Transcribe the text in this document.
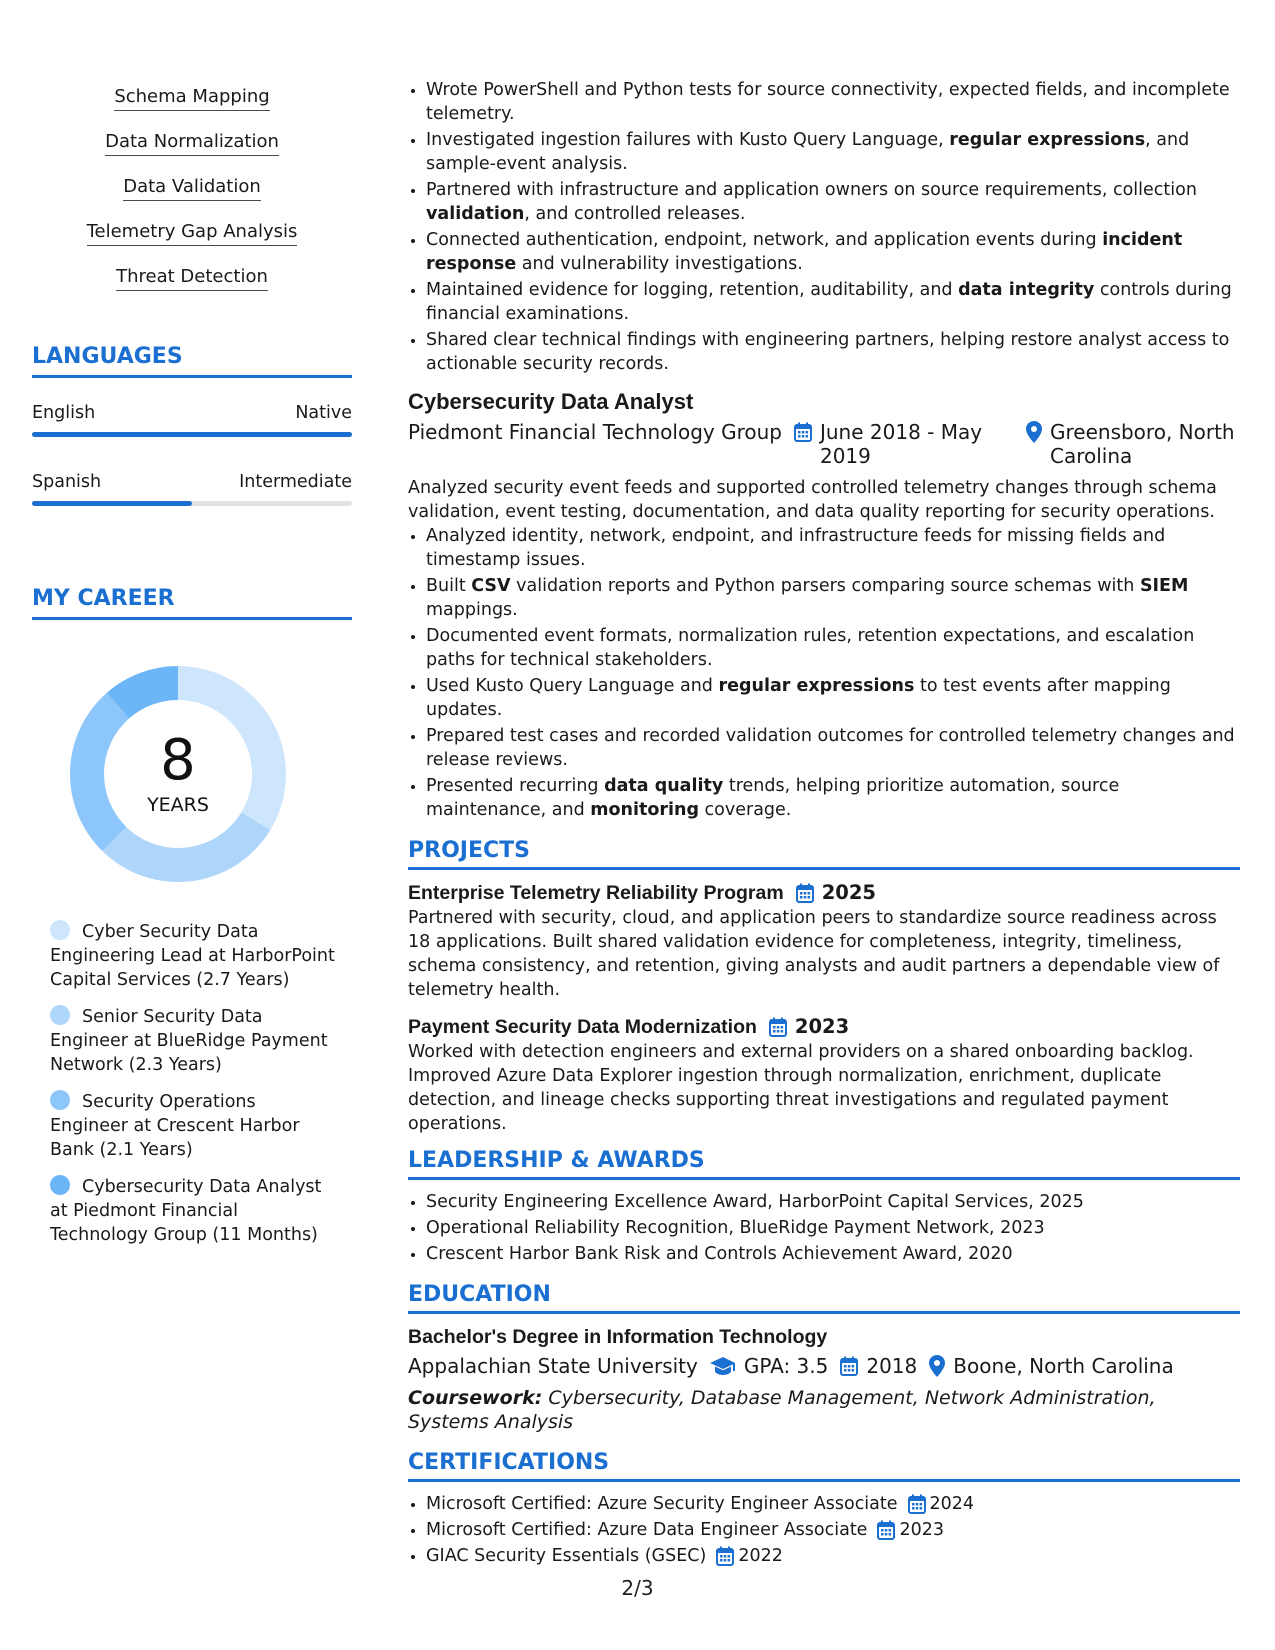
Schema Mapping
Data Normalization
Data Validation
Telemetry Gap Analysis
Threat Detection
LANGUAGES
English	Native
Spanish	Intermediate
MY CAREER
8
YEARS
Cyber Security Data Engineering Lead at HarborPoint Capital Services (2.7 Years)
Senior Security Data Engineer at BlueRidge Payment Network (2.3 Years)
Security Operations Engineer at Crescent Harbor Bank (2.1 Years)
Cybersecurity Data Analyst at Piedmont Financial Technology Group (11 Months)
• Wrote PowerShell and Python tests for source connectivity, expected fields, and incomplete telemetry.
• Investigated ingestion failures with Kusto Query Language, regular expressions, and sample-event analysis.
• Partnered with infrastructure and application owners on source requirements, collection validation, and controlled releases.
• Connected authentication, endpoint, network, and application events during incident response and vulnerability investigations.
• Maintained evidence for logging, retention, auditability, and data integrity controls during financial examinations.
• Shared clear technical findings with engineering partners, helping restore analyst access to actionable security records.
Cybersecurity Data Analyst
Piedmont Financial Technology Group June 2018 - May 2019
Greensboro, North Carolina
Analyzed security event feeds and supported controlled telemetry changes through schema validation, event testing, documentation, and data quality reporting for security operations.
• Analyzed identity, network, endpoint, and infrastructure feeds for missing fields and timestamp issues.
• Built CSV validation reports and Python parsers comparing source schemas with SIEM mappings.
• Documented event formats, normalization rules, retention expectations, and escalation paths for technical stakeholders.
• Used Kusto Query Language and regular expressions to test events after mapping updates.
• Prepared test cases and recorded validation outcomes for controlled telemetry changes and release reviews.
• Presented recurring data quality trends, helping prioritize automation, source maintenance, and monitoring coverage.
PROJECTS
Enterprise Telemetry Reliability Program 2025
Partnered with security, cloud, and application peers to standardize source readiness across 18 applications. Built shared validation evidence for completeness, integrity, timeliness, schema consistency, and retention, giving analysts and audit partners a dependable view of telemetry health.
Payment Security Data Modernization 2023
Worked with detection engineers and external providers on a shared onboarding backlog. Improved Azure Data Explorer ingestion through normalization, enrichment, duplicate detection, and lineage checks supporting threat investigations and regulated payment operations.
LEADERSHIP & AWARDS
• Security Engineering Excellence Award, HarborPoint Capital Services, 2025
• Operational Reliability Recognition, BlueRidge Payment Network, 2023
• Crescent Harbor Bank Risk and Controls Achievement Award, 2020
EDUCATION
Bachelor's Degree in Information Technology
Appalachian State University GPA: 3.5 2018 Boone, North Carolina
Coursework: Cybersecurity, Database Management, Network Administration, Systems Analysis
CERTIFICATIONS
• Microsoft Certified: Azure Security Engineer Associate 2024
• Microsoft Certified: Azure Data Engineer Associate 2023
• GIAC Security Essentials (GSEC) 2022
2/3
